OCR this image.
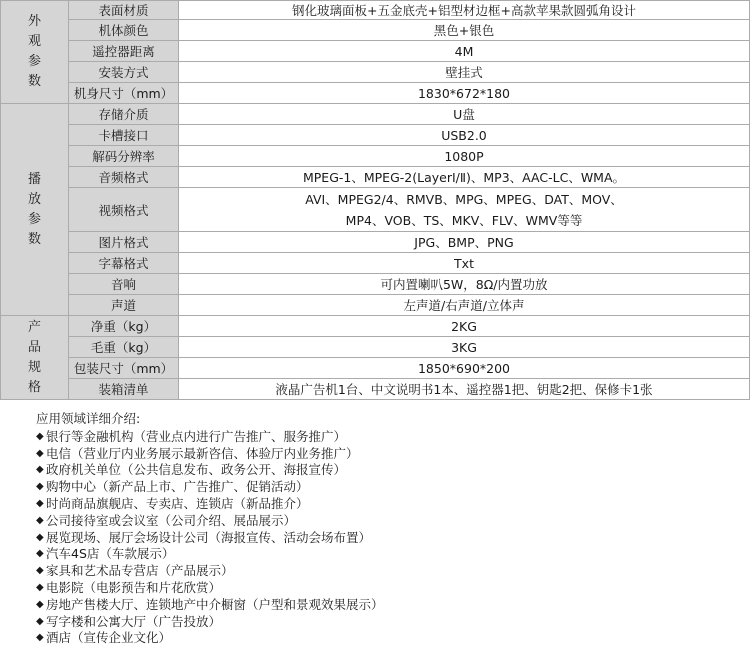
外
观
参
数	表面材质	钢化玻璃面板+五金底壳+铝型材边框+高款苹果款圆弧角设计
	机体颜色	黑色+银色
	遥控器距离	4M
	安装方式	壁挂式
	机身尺寸（mm）	1830*672*180

播
放
参
数	存储介质	U盘
	卡槽接口	USB2.0
	解码分辨率	1080P
	音频格式	MPEG-1、MPEG-2(LayerⅠ/Ⅱ)、MP3、AAC-LC、WMA。
	视频格式	AVI、MPEG2/4、RMVB、MPG、MPEG、DAT、MOV、
MP4、VOB、TS、MKV、FLV、WMV等等

	图片格式	JPG、BMP、PNG
	字幕格式	Txt
	音响	可内置喇叭5W，8Ω/内置功放
	声道	左声道/右声道/立体声

产
品
规
格	净重（kg）	2KG
	毛重（kg）	3KG
	包装尺寸（mm）	1850*690*200
	装箱清单	液晶广告机1台、中文说明书1本、遥控器1把、钥匙2把、保修卡1张
应用领域详细介绍:
◆ 银行等金融机构（营业点内进行广告推广、服务推广）
◆ 电信（营业厅内业务展示最新咨信、体验厅内业务推广）
◆ 政府机关单位（公共信息发布、政务公开、海报宣传）
◆ 购物中心（新产品上市、广告推广、促销活动）
◆ 时尚商品旗舰店、专卖店、连锁店（新品推介）
◆ 公司接待室或会议室（公司介绍、展品展示）
◆ 展览现场、展厅会场设计公司（海报宣传、活动会场布置）
◆ 汽车4S店（车款展示）
◆ 家具和艺术品专营店（产品展示）
◆ 电影院（电影预告和片花欣赏）
◆ 房地产售楼大厅、连锁地产中介橱窗（户型和景观效果展示）
◆ 写字楼和公寓大厅（广告投放）
◆ 酒店（宣传企业文化）
